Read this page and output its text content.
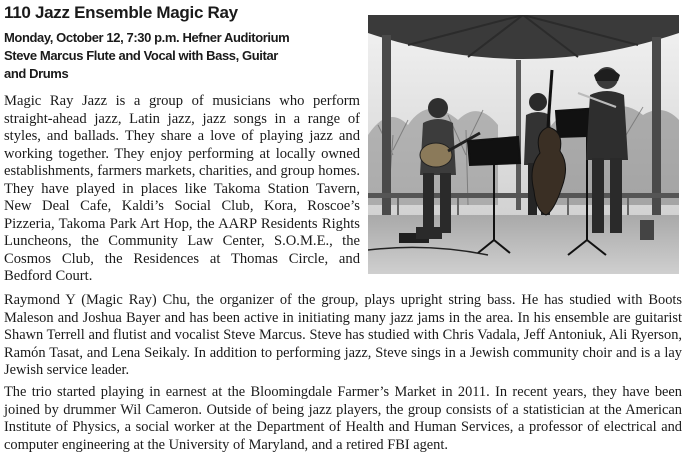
110 Jazz Ensemble Magic Ray
Monday, October 12, 7:30 p.m. Hefner Auditorium
Steve Marcus Flute and Vocal with Bass, Guitar
and Drums

Magic Ray Jazz is a group of musicians who perform straight-ahead jazz, Latin jazz, jazz songs in a range of styles, and ballads. They share a love of playing jazz and working together. They enjoy performing at locally owned establishments, farmers markets, charities, and group homes. They have played in places like Takoma Station Tavern, New Deal Cafe, Kaldi’s Social Club, Kora, Roscoe’s Pizzeria, Takoma Park Art Hop, the AARP Residents Rights Luncheons, the Community Law Center, S.O.M.E., the Cosmos Club, the Residences at Thomas Circle, and Bedford Court.

Raymond Y (Magic Ray) Chu, the organizer of the group, plays upright string bass. He has studied with Boots Maleson and Joshua Bayer and has been active in initiating many jazz jams in the area. In his ensemble are guitarist Shawn Terrell and flutist and vocalist Steve Marcus. Steve has studied with Chris Vadala, Jeff Antoniuk, Ali Ryerson, Ramón Tasat, and Lena Seikaly. In addition to performing jazz, Steve sings in a Jewish community choir and is a lay Jewish service leader.

The trio started playing in earnest at the Bloomingdale Farmer’s Market in 2011. In recent years, they have been joined by drummer Wil Cameron. Outside of being jazz players, the group consists of a statistician at the American Institute of Physics, a social worker at the Department of Health and Human Services, a professor of electrical and computer engineering at the University of Maryland, and a retired FBI agent.
